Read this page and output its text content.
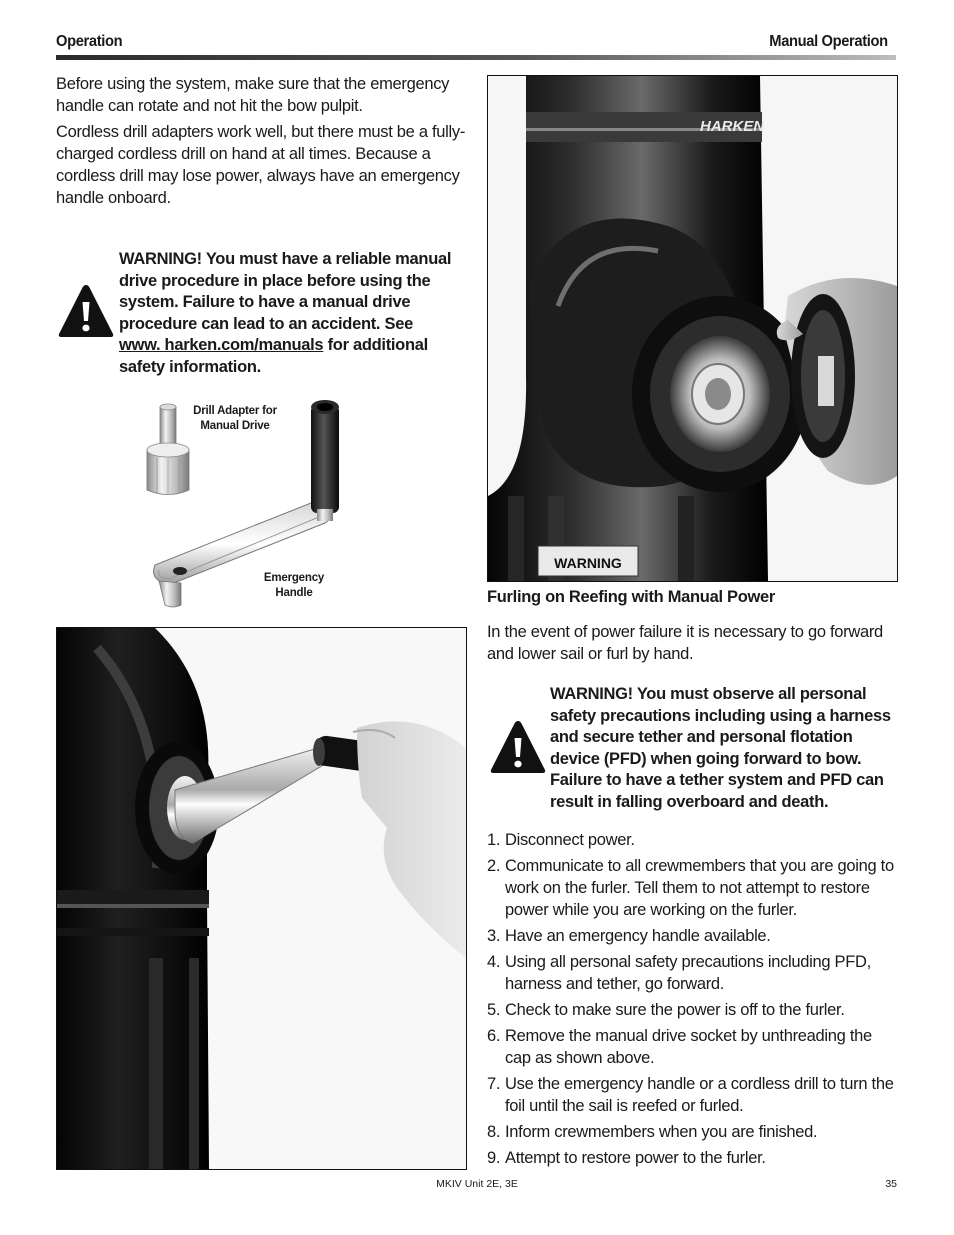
Operation	Manual Operation

Before using the system, make sure that the emergency handle can rotate and not hit the bow pulpit.

Cordless drill adapters work well, but there must be a fully-charged cordless drill on hand at all times. Because a cordless drill may lose power, always have an emergency handle onboard.

WARNING! You must have a reliable manual drive procedure in place before using the system. Failure to have a manual drive procedure can lead to an accident. See www. harken.com/manuals for additional safety information.
Drill Adapter for Manual Drive
Emergency Handle
WARNING
HARKEN
Furling on Reefing with Manual Power
In the event of power failure it is necessary to go forward and lower sail or furl by hand.
WARNING! You must observe all personal safety precautions including using a harness and secure tether and personal flotation device (PFD) when going forward to bow. Failure to have a tether system and PFD can result in falling overboard and death.
1. Disconnect power.
2. Communicate to all crewmembers that you are going to work on the furler. Tell them to not attempt to restore power while you are working on the furler.
3. Have an emergency handle available.
4. Using all personal safety precautions including PFD, harness and tether, go forward.
5. Check to make sure the power is off to the furler.
6. Remove the manual drive socket by unthreading the cap as shown above.
7. Use the emergency handle or a cordless drill to turn the foil until the sail is reefed or furled.
8. Inform crewmembers when you are finished.
9. Attempt to restore power to the furler.
MKIV Unit 2E, 3E	35
